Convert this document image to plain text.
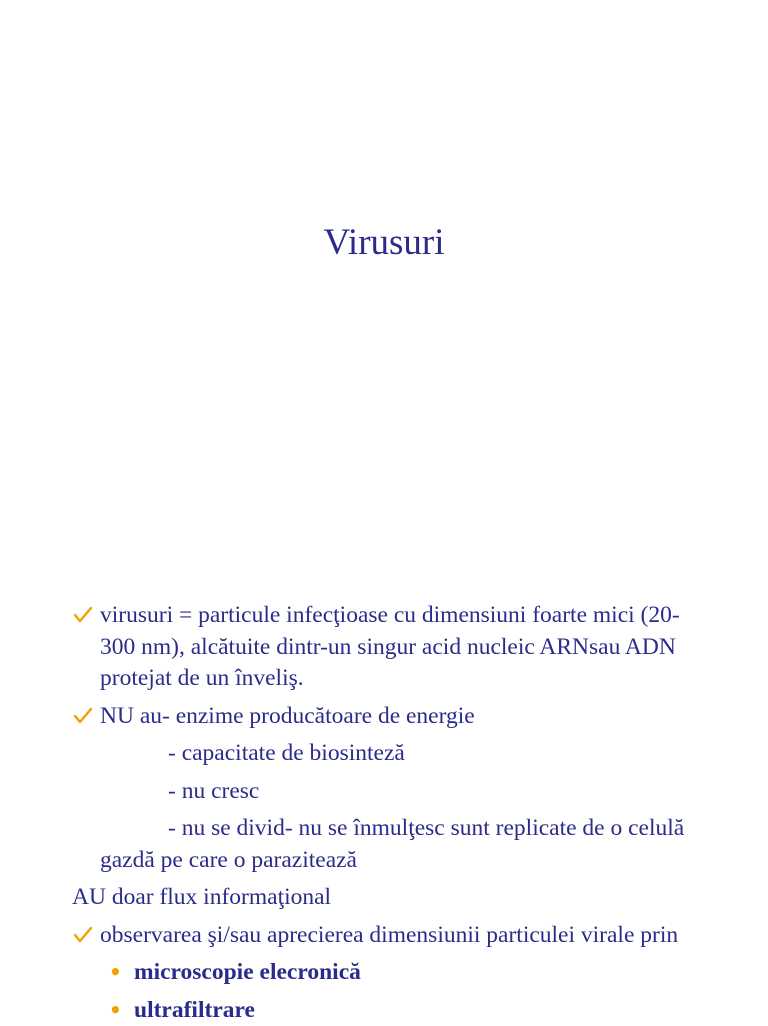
Virusuri
virusuri = particule infecţioase cu dimensiuni foarte mici (20-
300 nm), alcătuite dintr-un singur acid nucleic ARNsau ADN
protejat de un înveliş.
NU au- enzime producătoare de energie
- capacitate de biosinteză
- nu cresc
- nu se divid- nu se înmulţesc sunt replicate de o celulă
gazdă pe care o parazitează
AU doar flux informaţional
observarea şi/sau aprecierea dimensiunii particulei virale prin
• microscopie elecronică
• ultrafiltrare
